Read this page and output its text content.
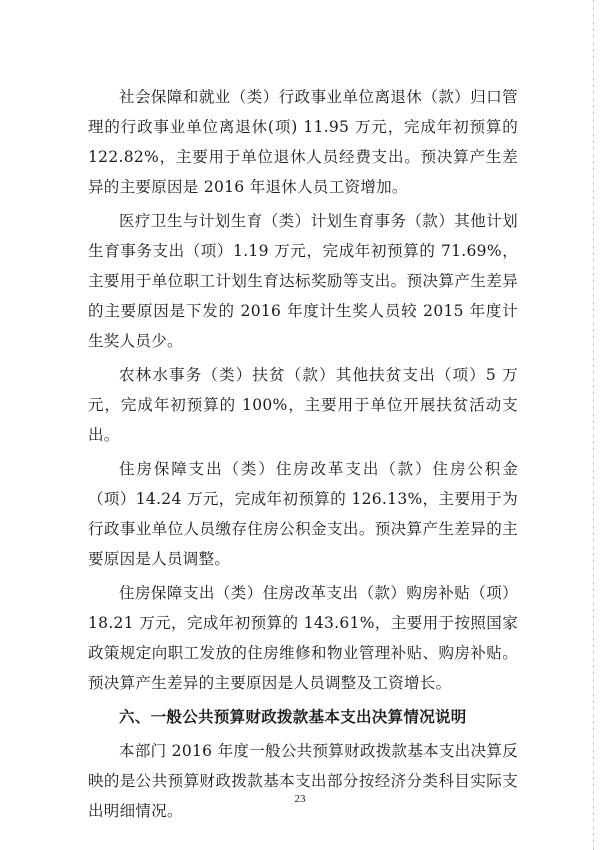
社会保障和就业（类）行政事业单位离退休（款）归口管理的行政事业单位离退休(项) 11.95 万元，完成年初预算的 122.82%，主要用于单位退休人员经费支出。预决算产生差异的主要原因是 2016 年退休人员工资增加。

医疗卫生与计划生育（类）计划生育事务（款）其他计划生育事务支出（项）1.19 万元，完成年初预算的 71.69%，主要用于单位职工计划生育达标奖励等支出。预决算产生差异的主要原因是下发的 2016 年度计生奖人员较 2015 年度计生奖人员少。

农林水事务（类）扶贫（款）其他扶贫支出（项）5 万元，完成年初预算的 100%，主要用于单位开展扶贫活动支出。

住房保障支出（类）住房改革支出（款）住房公积金（项）14.24 万元，完成年初预算的 126.13%，主要用于为行政事业单位人员缴存住房公积金支出。预决算产生差异的主要原因是人员调整。

住房保障支出（类）住房改革支出（款）购房补贴（项）18.21 万元，完成年初预算的 143.61%，主要用于按照国家政策规定向职工发放的住房维修和物业管理补贴、购房补贴。预决算产生差异的主要原因是人员调整及工资增长。

六、一般公共预算财政拨款基本支出决算情况说明

本部门 2016 年度一般公共预算财政拨款基本支出决算反映的是公共预算财政拨款基本支出部分按经济分类科目实际支出明细情况。

23
